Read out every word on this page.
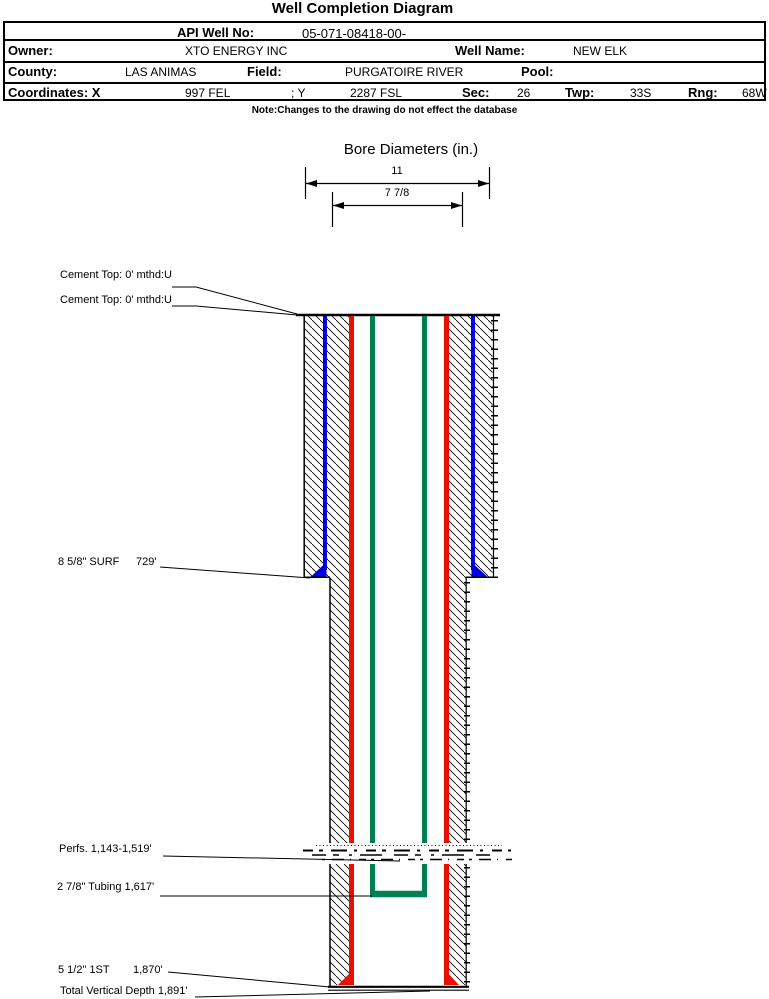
Well Completion Diagram
API Well No:	05-071-08418-00-
Owner:	XTO ENERGY INC	Well Name:	NEW ELK
County:	LAS ANIMAS	Field:	PURGATOIRE RIVER	Pool:
Coordinates: X	997 FEL	; Y	2287 FSL	Sec: 26	Twp:	33S	Rng: 68W
Note:Changes to the drawing do not effect the database
Bore Diameters (in.)
11
7 7/8
Cement Top: 0' mthd:U
Cement Top: 0' mthd:U
8 5/8" SURF 729'
Perfs. 1,143-1,519'
2 7/8" Tubing 1,617'
5 1/2" 1ST 1,870'
Total Vertical Depth 1,891'
